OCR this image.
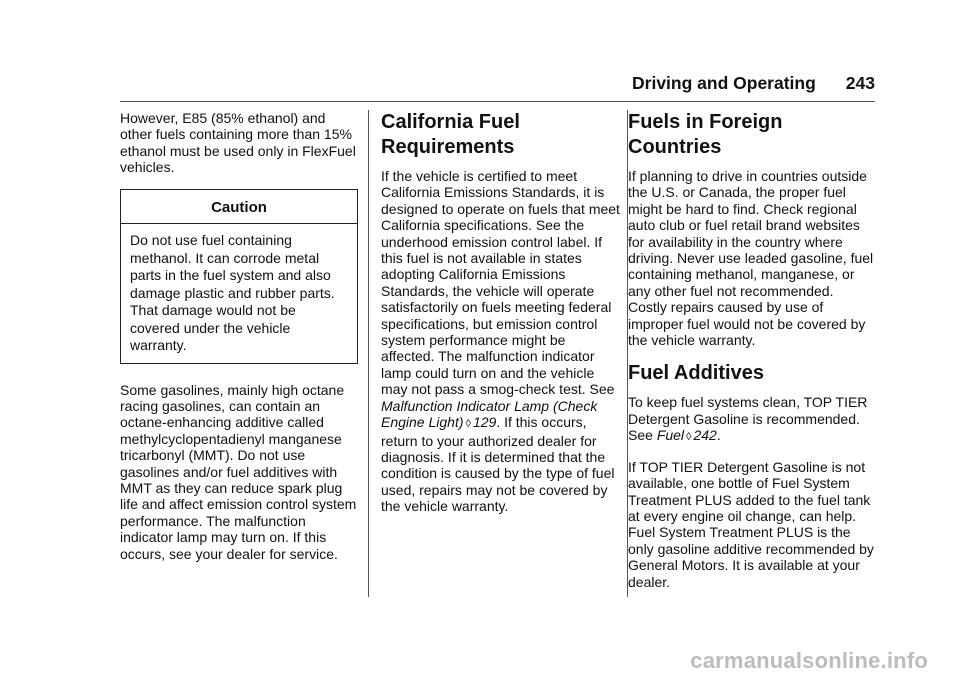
Driving and Operating 243

However, E85 (85% ethanol) and other fuels containing more than 15% ethanol must be used only in FlexFuel vehicles.

Caution
Do not use fuel containing methanol. It can corrode metal parts in the fuel system and also damage plastic and rubber parts. That damage would not be covered under the vehicle warranty.

Some gasolines, mainly high octane racing gasolines, can contain an octane-enhancing additive called methylcyclopentadienyl manganese tricarbonyl (MMT). Do not use gasolines and/or fuel additives with MMT as they can reduce spark plug life and affect emission control system performance. The malfunction indicator lamp may turn on. If this occurs, see your dealer for service.

California Fuel Requirements

If the vehicle is certified to meet California Emissions Standards, it is designed to operate on fuels that meet California specifications. See the underhood emission control label. If this fuel is not available in states adopting California Emissions Standards, the vehicle will operate satisfactorily on fuels meeting federal specifications, but emission control system performance might be affected. The malfunction indicator lamp could turn on and the vehicle may not pass a smog-check test. See Malfunction Indicator Lamp (Check Engine Light) ◊ 129. If this occurs, return to your authorized dealer for diagnosis. If it is determined that the condition is caused by the type of fuel used, repairs may not be covered by the vehicle warranty.

Fuels in Foreign Countries

If planning to drive in countries outside the U.S. or Canada, the proper fuel might be hard to find. Check regional auto club or fuel retail brand websites for availability in the country where driving. Never use leaded gasoline, fuel containing methanol, manganese, or any other fuel not recommended. Costly repairs caused by use of improper fuel would not be covered by the vehicle warranty.

Fuel Additives

To keep fuel systems clean, TOP TIER Detergent Gasoline is recommended. See Fuel ◊ 242.

If TOP TIER Detergent Gasoline is not available, one bottle of Fuel System Treatment PLUS added to the fuel tank at every engine oil change, can help. Fuel System Treatment PLUS is the only gasoline additive recommended by General Motors. It is available at your dealer.

carmanualsonline.info
